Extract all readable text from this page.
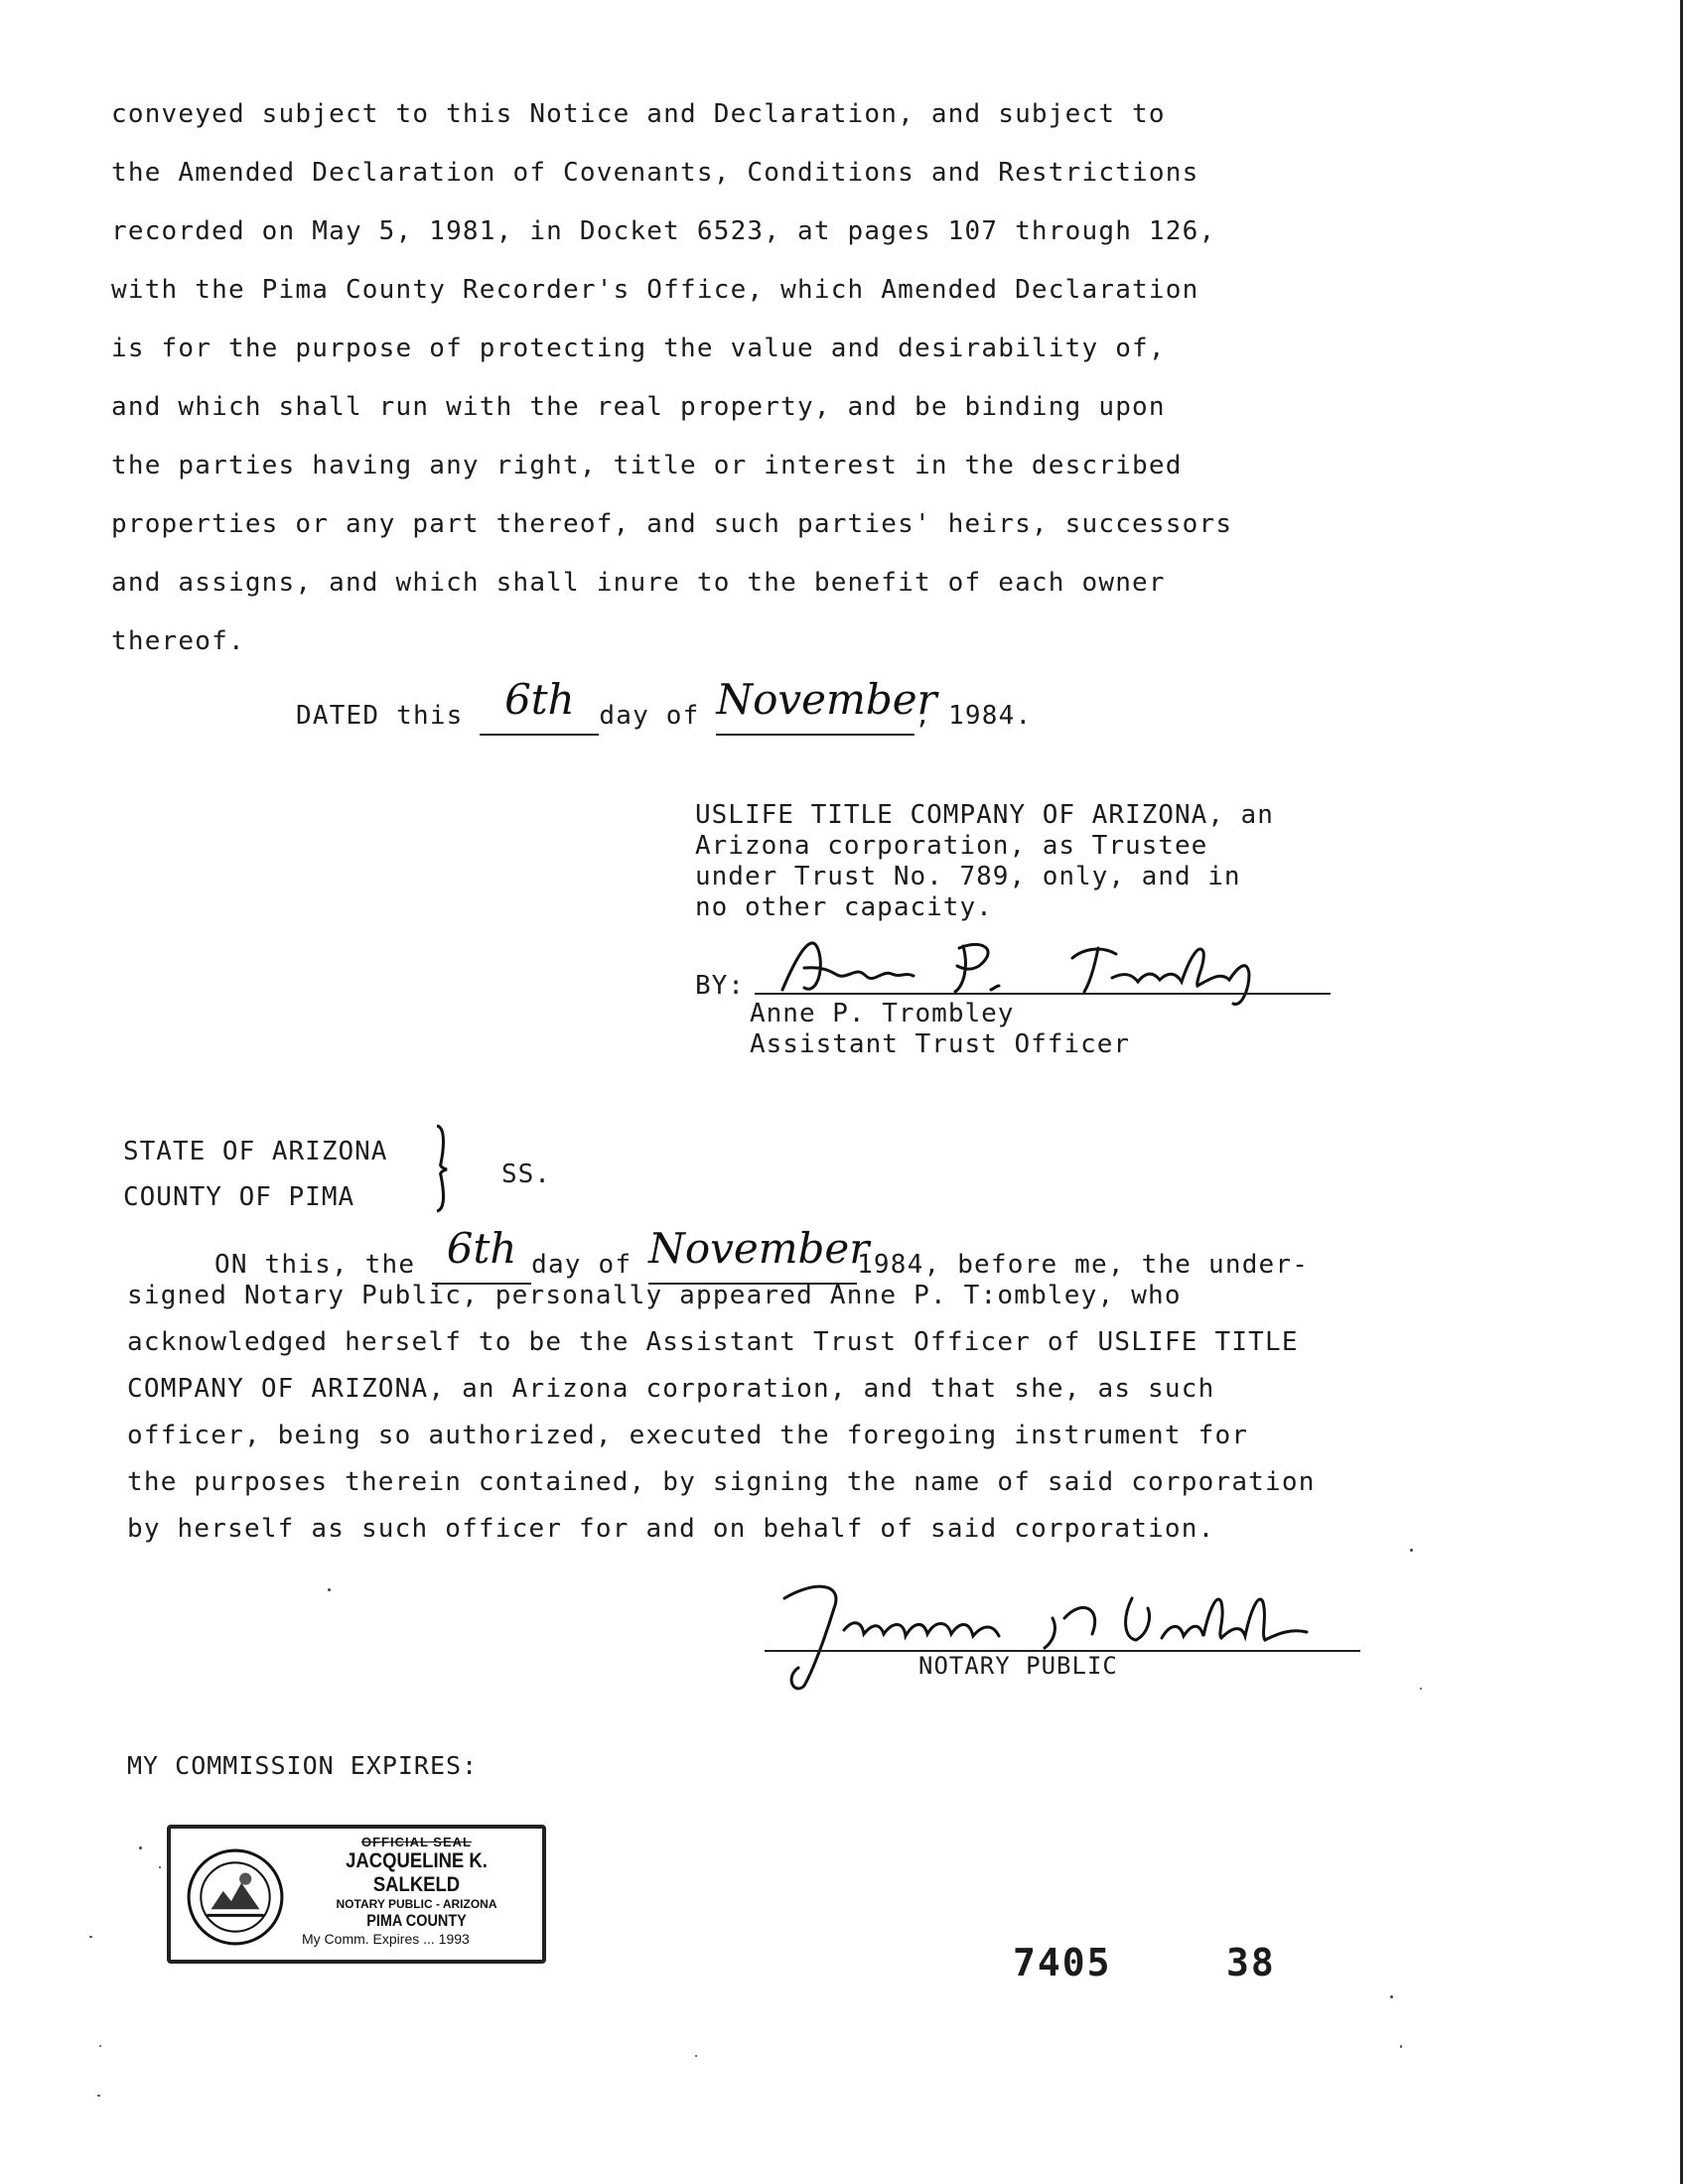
conveyed subject to this Notice and Declaration, and subject to
the Amended Declaration of Covenants, Conditions and Restrictions
recorded on May 5, 1981, in Docket 6523, at pages 107 through 126,
with the Pima County Recorder's Office, which Amended Declaration
is for the purpose of protecting the value and desirability of,
and which shall run with the real property, and be binding upon
the parties having any right, title or interest in the described
properties or any part thereof, and such parties' heirs, successors
and assigns, and which shall inure to the benefit of each owner
thereof.
DATED this 6th day of November, 1984.
USLIFE TITLE COMPANY OF ARIZONA, an
Arizona corporation, as Trustee
under Trust No. 789, only, and in
no other capacity.
BY:
Anne P. Trombley
Assistant Trust Officer
STATE OF ARIZONA
COUNTY OF PIMA
SS.
ON this, the 6th day of November1984, before me, the under-
signed Notary Public, personally appeared Anne P. T:ombley, who
acknowledged herself to be the Assistant Trust Officer of USLIFE TITLE
COMPANY OF ARIZONA, an Arizona corporation, and that she, as such
officer, being so authorized, executed the foregoing instrument for
the purposes therein contained, by signing the name of said corporation
by herself as such officer for and on behalf of said corporation.
NOTARY PUBLIC
MY COMMISSION EXPIRES:
OFFICIAL SEAL
JACQUELINE K. SALKELD
NOTARY PUBLIC - ARIZONA
PIMA COUNTY
My Comm. Expires ... 1993
7405	38
